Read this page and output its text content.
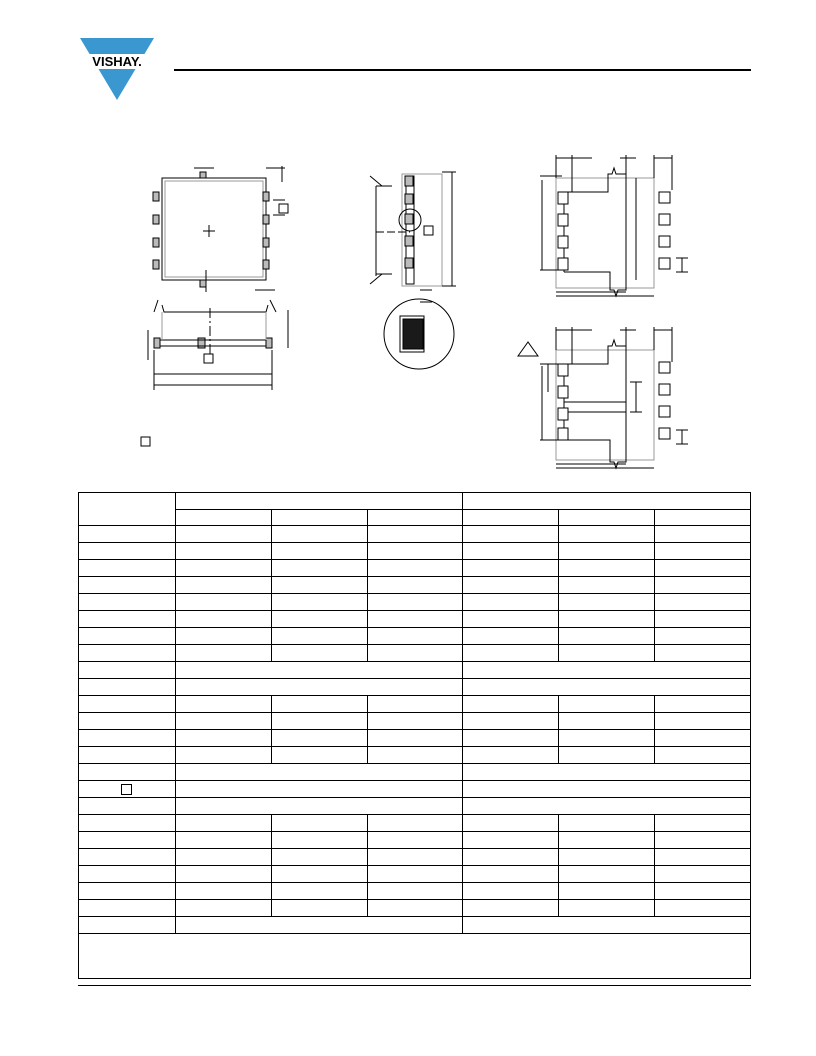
VISHAY.
